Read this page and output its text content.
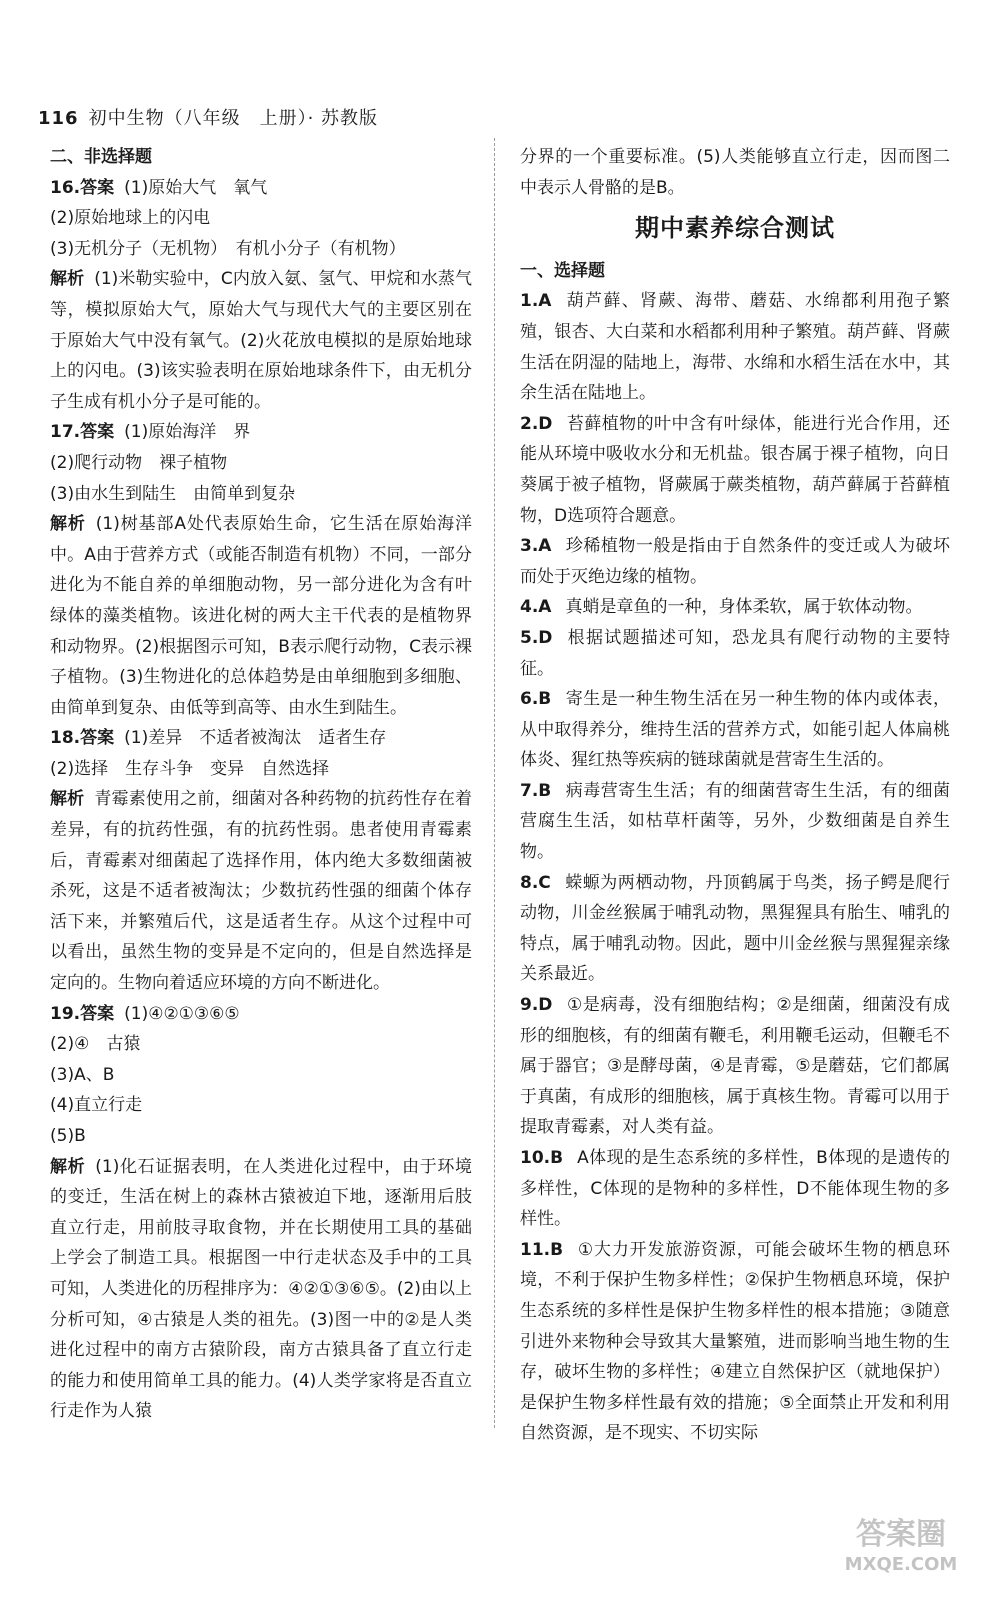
116 初中生物（八年级　上册）· 苏教版

二、非选择题

16.答案 (1)原始大气　氧气

(2)原始地球上的闪电

(3)无机分子（无机物）　有机小分子（有机物）

解析 (1)米勒实验中，C内放入氨、氢气、甲烷和水蒸气等，模拟原始大气，原始大气与现代大气的主要区别在于原始大气中没有氧气。(2)火花放电模拟的是原始地球上的闪电。(3)该实验表明在原始地球条件下，由无机分子生成有机小分子是可能的。

17.答案 (1)原始海洋　界

(2)爬行动物　裸子植物

(3)由水生到陆生　由简单到复杂

解析 (1)树基部A处代表原始生命，它生活在原始海洋中。A由于营养方式（或能否制造有机物）不同，一部分进化为不能自养的单细胞动物，另一部分进化为含有叶绿体的藻类植物。该进化树的两大主干代表的是植物界和动物界。(2)根据图示可知，B表示爬行动物，C表示裸子植物。(3)生物进化的总体趋势是由单细胞到多细胞、由简单到复杂、由低等到高等、由水生到陆生。

18.答案 (1)差异　不适者被淘汰　适者生存

(2)选择　生存斗争　变异　自然选择

解析 青霉素使用之前，细菌对各种药物的抗药性存在着差异，有的抗药性强，有的抗药性弱。患者使用青霉素后，青霉素对细菌起了选择作用，体内绝大多数细菌被杀死，这是不适者被淘汰；少数抗药性强的细菌个体存活下来，并繁殖后代，这是适者生存。从这个过程中可以看出，虽然生物的变异是不定向的，但是自然选择是定向的。生物向着适应环境的方向不断进化。

19.答案 (1)④②①③⑥⑤

(2)④　古猿

(3)A、B

(4)直立行走

(5)B

解析 (1)化石证据表明，在人类进化过程中，由于环境的变迁，生活在树上的森林古猿被迫下地，逐渐用后肢直立行走，用前肢寻取食物，并在长期使用工具的基础上学会了制造工具。根据图一中行走状态及手中的工具可知，人类进化的历程排序为：④②①③⑥⑤。(2)由以上分析可知，④古猿是人类的祖先。(3)图一中的②是人类进化过程中的南方古猿阶段，南方古猿具备了直立行走的能力和使用简单工具的能力。(4)人类学家将是否直立行走作为人猿

分界的一个重要标准。(5)人类能够直立行走，因而图二中表示人骨骼的是B。

期中素养综合测试

一、选择题

1.A 葫芦藓、肾蕨、海带、蘑菇、水绵都利用孢子繁殖，银杏、大白菜和水稻都利用种子繁殖。葫芦藓、肾蕨生活在阴湿的陆地上，海带、水绵和水稻生活在水中，其余生活在陆地上。

2.D 苔藓植物的叶中含有叶绿体，能进行光合作用，还能从环境中吸收水分和无机盐。银杏属于裸子植物，向日葵属于被子植物，肾蕨属于蕨类植物，葫芦藓属于苔藓植物，D选项符合题意。

3.A 珍稀植物一般是指由于自然条件的变迁或人为破坏而处于灭绝边缘的植物。

4.A 真蛸是章鱼的一种，身体柔软，属于软体动物。

5.D 根据试题描述可知，恐龙具有爬行动物的主要特征。

6.B 寄生是一种生物生活在另一种生物的体内或体表，从中取得养分，维持生活的营养方式，如能引起人体扁桃体炎、猩红热等疾病的链球菌就是营寄生生活的。

7.B 病毒营寄生生活；有的细菌营寄生生活，有的细菌营腐生生活，如枯草杆菌等，另外，少数细菌是自养生物。

8.C 蝾螈为两栖动物，丹顶鹤属于鸟类，扬子鳄是爬行动物，川金丝猴属于哺乳动物，黑猩猩具有胎生、哺乳的特点，属于哺乳动物。因此，题中川金丝猴与黑猩猩亲缘关系最近。

9.D ①是病毒，没有细胞结构；②是细菌，细菌没有成形的细胞核，有的细菌有鞭毛，利用鞭毛运动，但鞭毛不属于器官；③是酵母菌，④是青霉，⑤是蘑菇，它们都属于真菌，有成形的细胞核，属于真核生物。青霉可以用于提取青霉素，对人类有益。

10.B A体现的是生态系统的多样性，B体现的是遗传的多样性，C体现的是物种的多样性，D不能体现生物的多样性。

11.B ①大力开发旅游资源，可能会破坏生物的栖息环境，不利于保护生物多样性；②保护生物栖息环境，保护生态系统的多样性是保护生物多样性的根本措施；③随意引进外来物种会导致其大量繁殖，进而影响当地生物的生存，破坏生物的多样性；④建立自然保护区（就地保护）是保护生物多样性最有效的措施；⑤全面禁止开发和利用自然资源，是不现实、不切实际

答案圈
MXQE.COM
